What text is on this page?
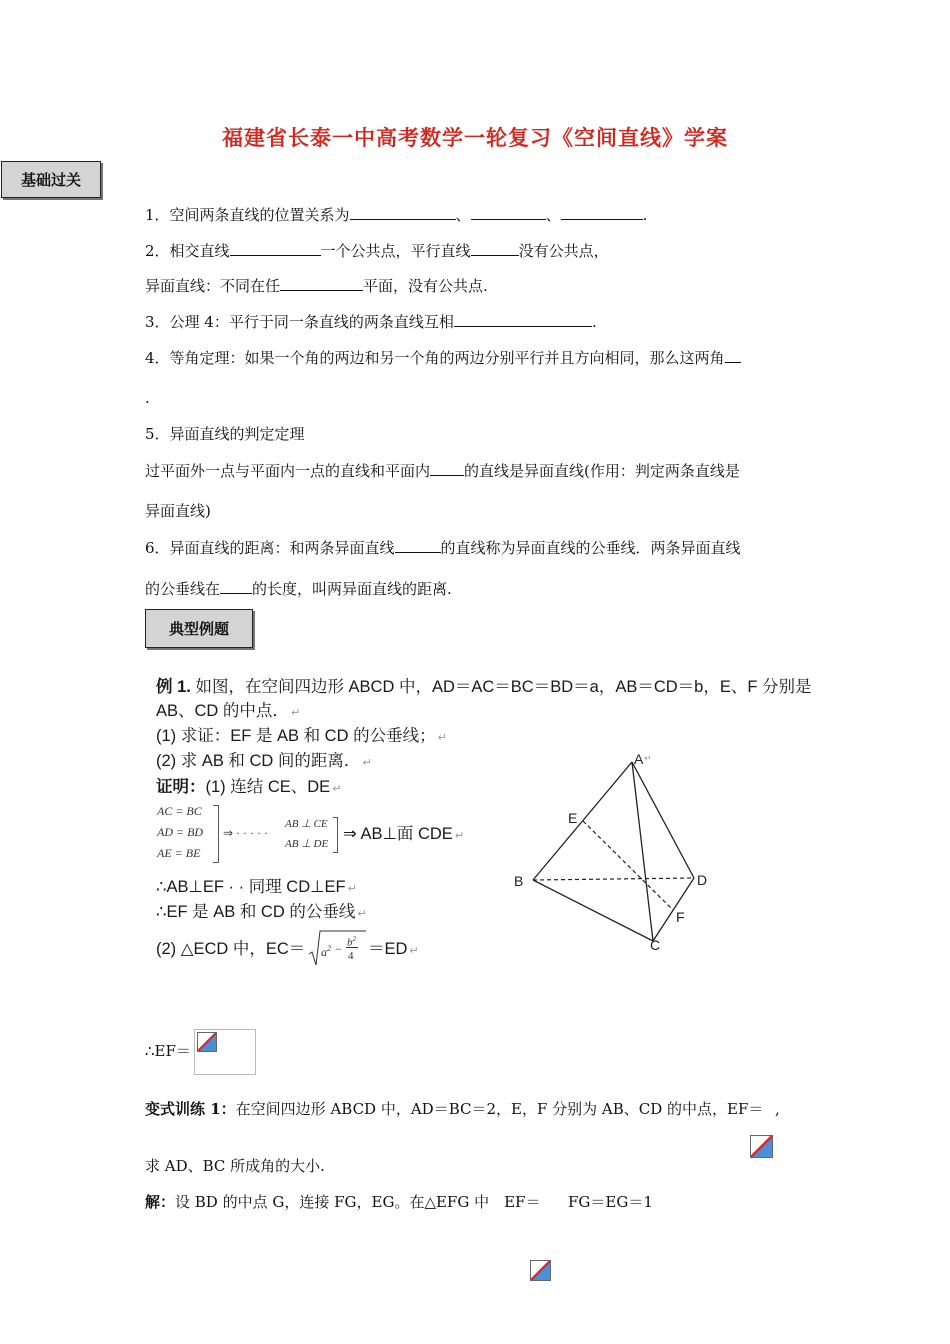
福建省长泰一中高考数学一轮复习《空间直线》学案
基础过关
1．空间两条直线的位置关系为	、	、	.
2．相交直线	一个公共点，平行直线	没有公共点，
异面直线：不同在任	平面，没有公共点.
3．公理 4：平行于同一条直线的两条直线互相	.
4．等角定理：如果一个角的两边和另一个角的两边分别平行并且方向相同，那么这两角
.
5．异面直线的判定定理
过平面外一点与平面内一点的直线和平面内 的直线是异面直线(作用：判定两条直线是
异面直线)
6．异面直线的距离：和两条异面直线	的直线称为异面直线的公垂线．两条异面直线
的公垂线在 的长度，叫两异面直线的距离.
典型例题
例 1. 如图，在空间四边形 ABCD 中，AD＝AC＝BC＝BD＝a，AB＝CD＝b，E、F 分别是
AB、CD 的中点． ↵
(1) 求证：EF 是 AB 和 CD 的公垂线； ↵
(2) 求 AB 和 CD 间的距离． ↵
证明：(1) 连结 CE、DE ↵
AC = BC
AD = BD
AE = BE
⇒ · · · · ·
AB ⊥ CE
AB ⊥ DE
⇒ AB⊥面 CDE ↵
∴AB⊥EF · · 同理 CD⊥EF ↵
∴EF 是 AB 和 CD 的公垂线 ↵
(2) △ECD 中，$EC= a^2 - b^2$
4 ＝ED ↵
A ↵
E
B	D
F
C
∴EF＝
变式训练 1：在空间四边形 ABCD 中，AD＝BC＝2，E，F 分别为 AB、CD 的中点，EF＝ ,
求 AD、BC 所成角的大小.
解：设 BD 的中点 G，连接 FG，EG。在△EFG 中　EF＝ 　FG＝EG＝1
